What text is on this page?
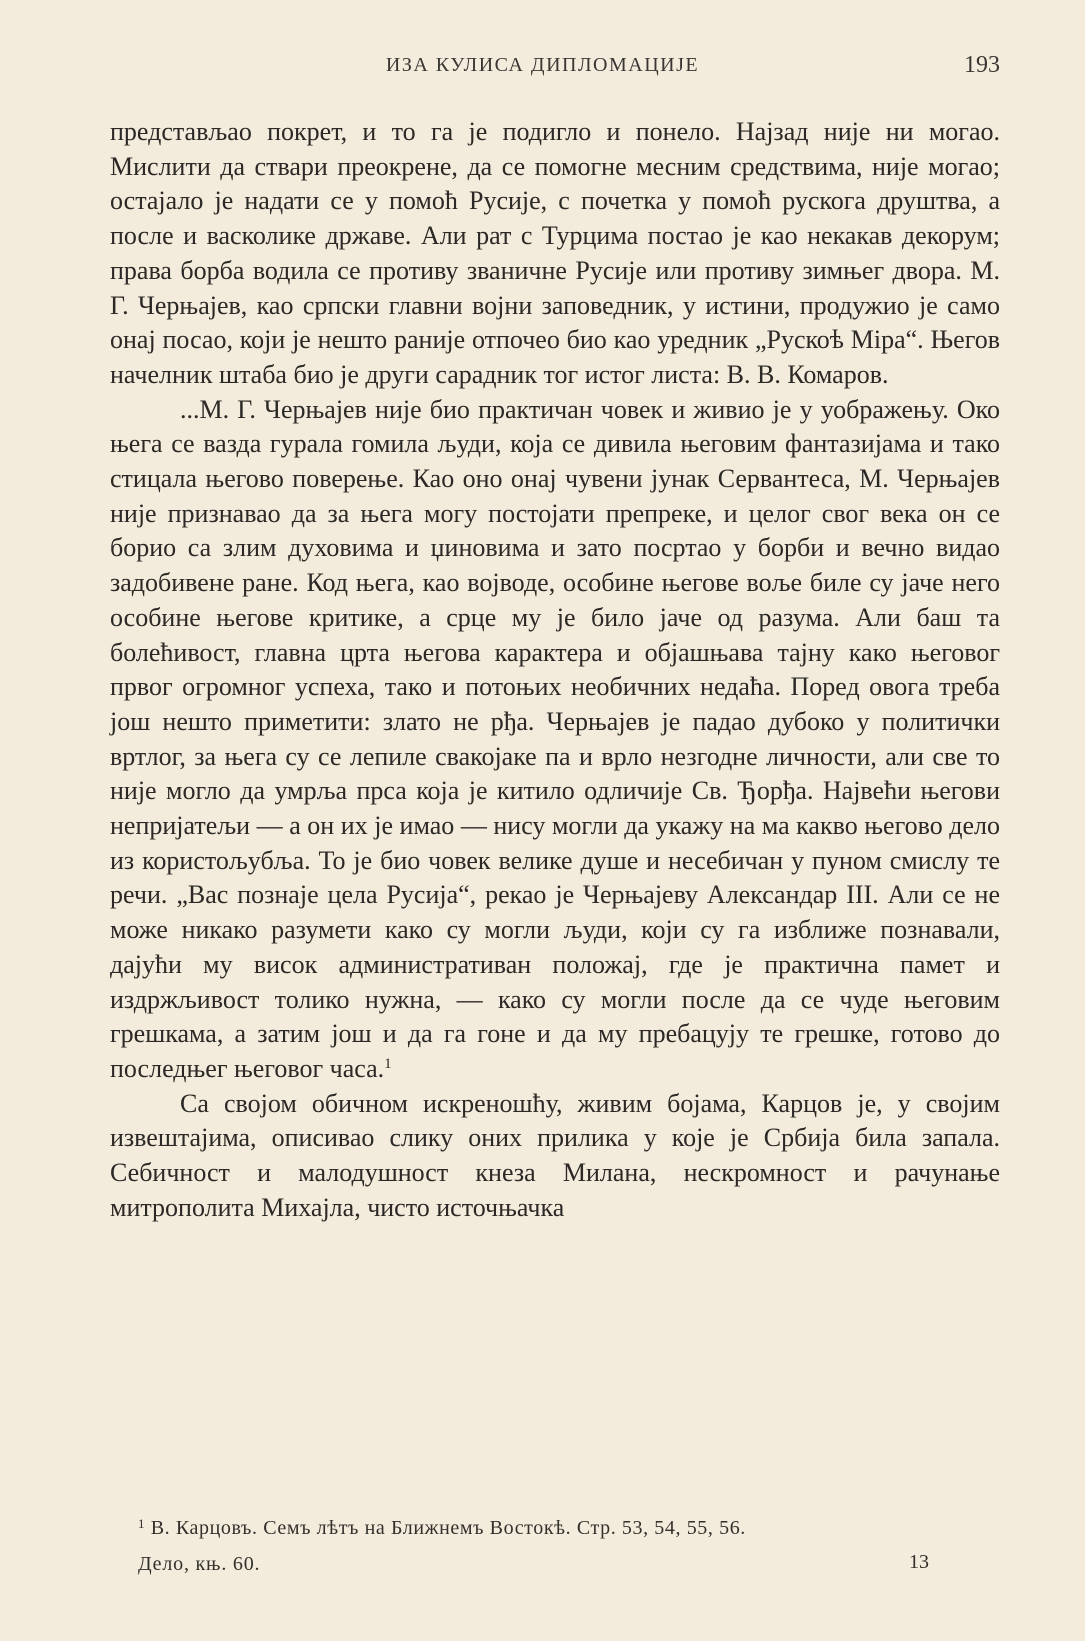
ИЗА КУЛИСА ДИПЛОМАЦИЈЕ	193

представљао покрет, и то га је подигло и понело. Најзад није ни могао. Мислити да ствари преокрене, да се помогне месним средствима, није могао; остајало је надати се у помоћ Русије, с почетка у помоћ рускога друштва, а после и васколике државе. Али рат с Турцима постао је као некакав декорум; права борба водила се противу званичне Русије или противу зимњег двора. М. Г. Черњајев, као српски главни војни заповедник, у истини, продужио је само онај посао, који је нешто раније отпочео био као уредник „Рускоѣ Міра“. Његов начелник штаба био је други сарадник тог истог листа: В. В. Комаров.

...М. Г. Черњајев није био практичан човек и живио је у уображењу. Око њега се вазда гурала гомила људи, која се дивила његовим фантазијама и тако стицала његово поверење. Као оно онај чувени јунак Сервантеса, М. Черњајев није признавао да за њега могу постојати препреке, и целог свог века он се борио са злим духовима и џиновима и зато посртао у борби и вечно видао задобивене ране. Код њега, као војводе, особине његове воље биле су јаче него особине његове критике, а срце му је било јаче од разума. Али баш та болећивост, главна црта његова карактера и објашњава тајну како његовог првог огромног успеха, тако и потоњих необичних недаћа. Поред овога треба још нешто приметити: злато не рђа. Черњајев је падао дубоко у политички вртлог, за њега су се лепиле свакојаке па и врло незгодне личности, али све то није могло да умрља прса која је китило одличије Св. Ђорђа. Највећи његови непријатељи — а он их је имао — нису могли да укажу на ма какво његово дело из користољубља. То је био човек велике душе и несебичан у пуном смислу те речи. „Вас познаје цела Русија“, рекао је Черњајеву Александар III. Али се не може никако разумети како су могли људи, који су га изближе познавали, дајући му висок административан положај, где је практична памет и издржљивост толико нужна, — како су могли после да се чуде његовим грешкама, а затим још и да га гоне и да му пребацују те грешке, готово до последњег његовог часа.$^1$

Са својом обичном искреношћу, живим бојама, Карцов је, у својим извештајима, описивао слику оних прилика у које је Србија била запала. Себичност и малодушност кнеза Милана, нескромност и рачунање митрополита Михајла, чисто источњачка

$^1$ В. Карцовъ. Семъ лѣтъ на Ближнемъ Востокѣ. Стр. 53, 54, 55, 56.
Дело, књ. 60.	13
